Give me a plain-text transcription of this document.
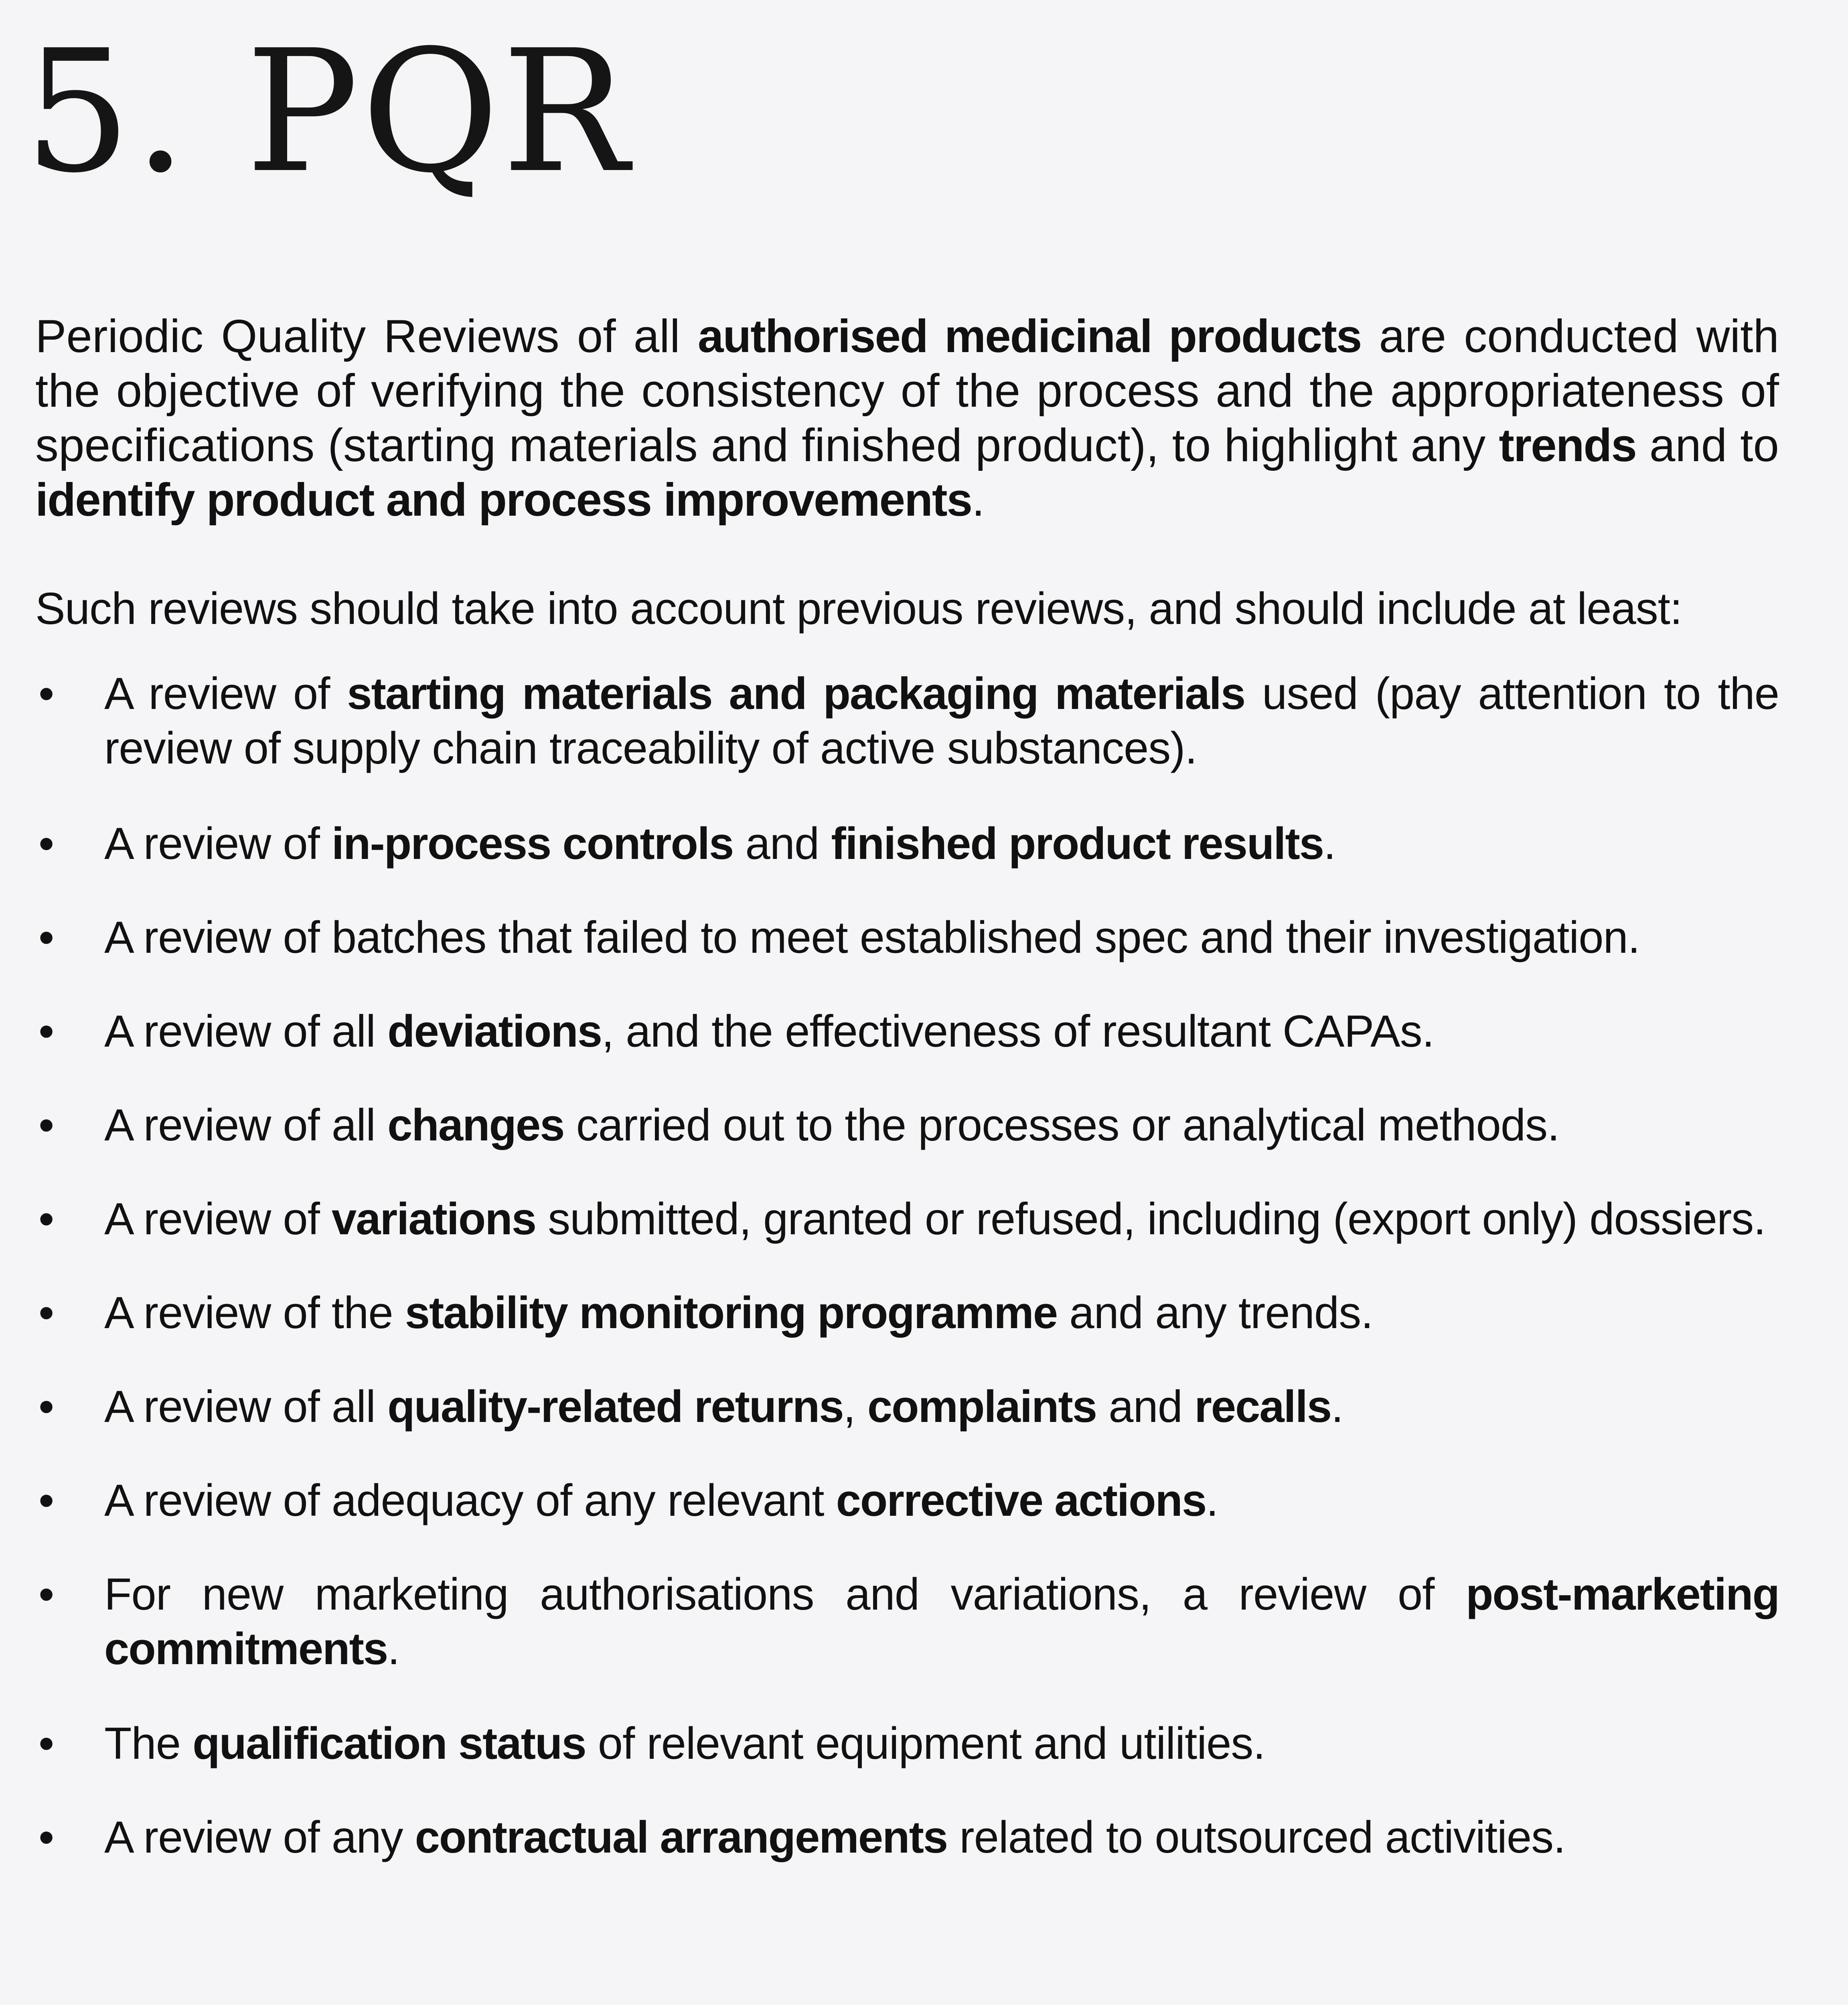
5. PQR

Periodic Quality Reviews of all authorised medicinal products are conducted with the objective of verifying the consistency of the process and the appropriateness of specifications (starting materials and finished product), to highlight any trends and to identify product and process improvements.

Such reviews should take into account previous reviews, and should include at least:

• A review of starting materials and packaging materials used (pay attention to the review of supply chain traceability of active substances).

• A review of in-process controls and finished product results.

• A review of batches that failed to meet established spec and their investigation.

• A review of all deviations, and the effectiveness of resultant CAPAs.

• A review of all changes carried out to the processes or analytical methods.

• A review of variations submitted, granted or refused, including (export only) dossiers.

• A review of the stability monitoring programme and any trends.

• A review of all quality-related returns, complaints and recalls.

• A review of adequacy of any relevant corrective actions.

• For new marketing authorisations and variations, a review of post-marketing commitments.

• The qualification status of relevant equipment and utilities.

• A review of any contractual arrangements related to outsourced activities.
